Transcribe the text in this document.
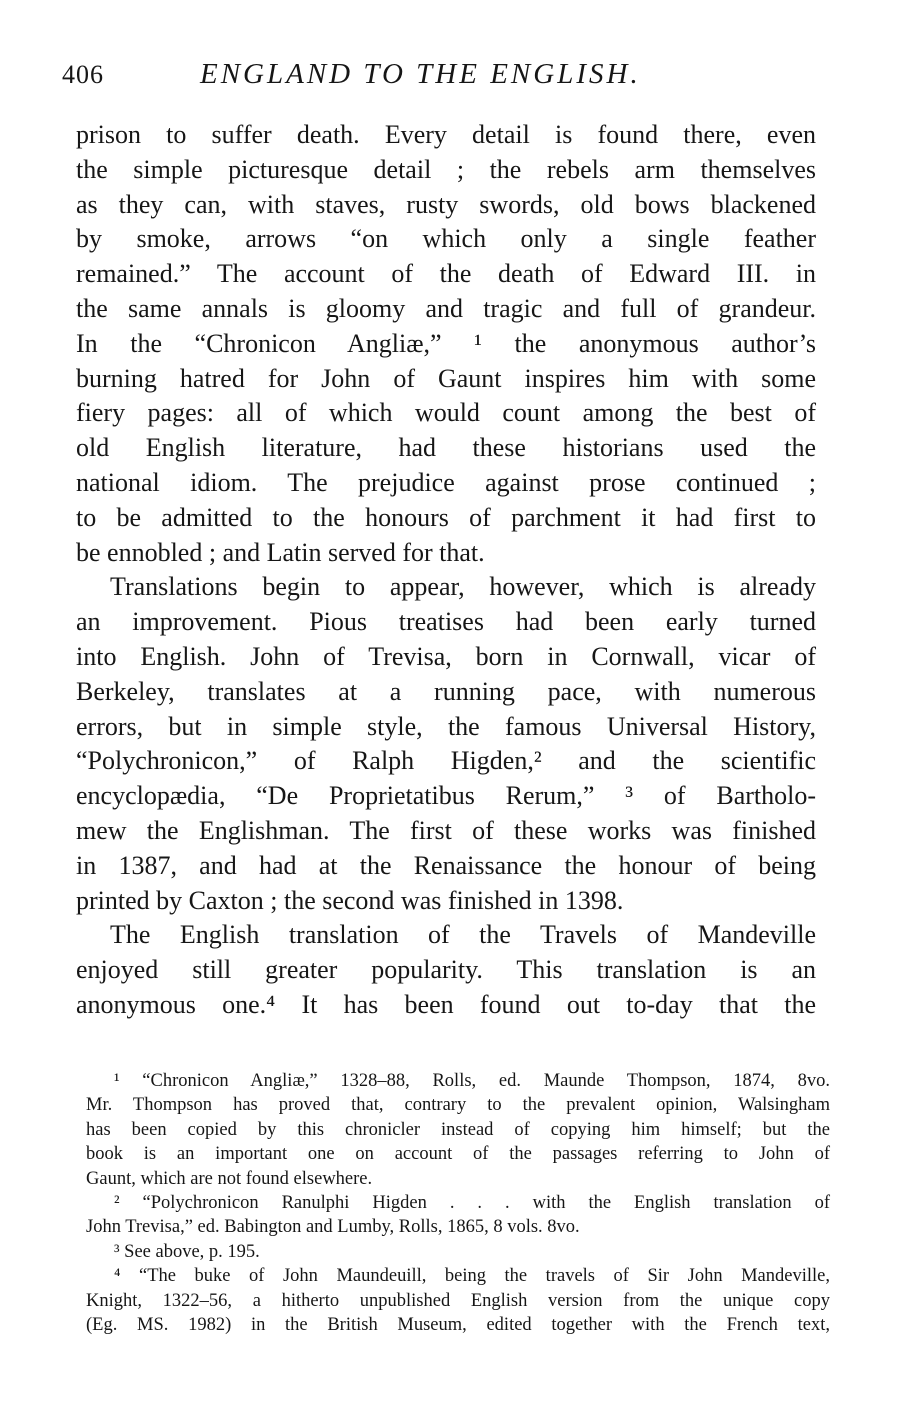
406	ENGLAND TO THE ENGLISH.
prison to suffer death. Every detail is found there, even
the simple picturesque detail ; the rebels arm themselves
as they can, with staves, rusty swords, old bows blackened
by smoke, arrows “on which only a single feather
remained.” The account of the death of Edward III. in
the same annals is gloomy and tragic and full of grandeur.
In the “Chronicon Angliæ,” ¹ the anonymous author’s
burning hatred for John of Gaunt inspires him with some
fiery pages: all of which would count among the best of
old English literature, had these historians used the
national idiom. The prejudice against prose continued ;
to be admitted to the honours of parchment it had first to
be ennobled ; and Latin served for that.
Translations begin to appear, however, which is already
an improvement. Pious treatises had been early turned
into English. John of Trevisa, born in Cornwall, vicar of
Berkeley, translates at a running pace, with numerous
errors, but in simple style, the famous Universal History,
“Polychronicon,” of Ralph Higden,² and the scientific
encyclopædia, “De Proprietatibus Rerum,” ³ of Bartholo-
mew the Englishman. The first of these works was finished
in 1387, and had at the Renaissance the honour of being
printed by Caxton ; the second was finished in 1398.
The English translation of the Travels of Mandeville
enjoyed still greater popularity. This translation is an
anonymous one.⁴ It has been found out to-day that the
¹ “Chronicon Angliæ,” 1328–88, Rolls, ed. Maunde Thompson, 1874, 8vo.
Mr. Thompson has proved that, contrary to the prevalent opinion, Walsingham
has been copied by this chronicler instead of copying him himself; but the
book is an important one on account of the passages referring to John of
Gaunt, which are not found elsewhere.
² “Polychronicon Ranulphi Higden . . . with the English translation of
John Trevisa,” ed. Babington and Lumby, Rolls, 1865, 8 vols. 8vo.
³ See above, p. 195.
⁴ “The buke of John Maundeuill, being the travels of Sir John Mandeville,
Knight, 1322–56, a hitherto unpublished English version from the unique copy
(Eg. MS. 1982) in the British Museum, edited together with the French text,
